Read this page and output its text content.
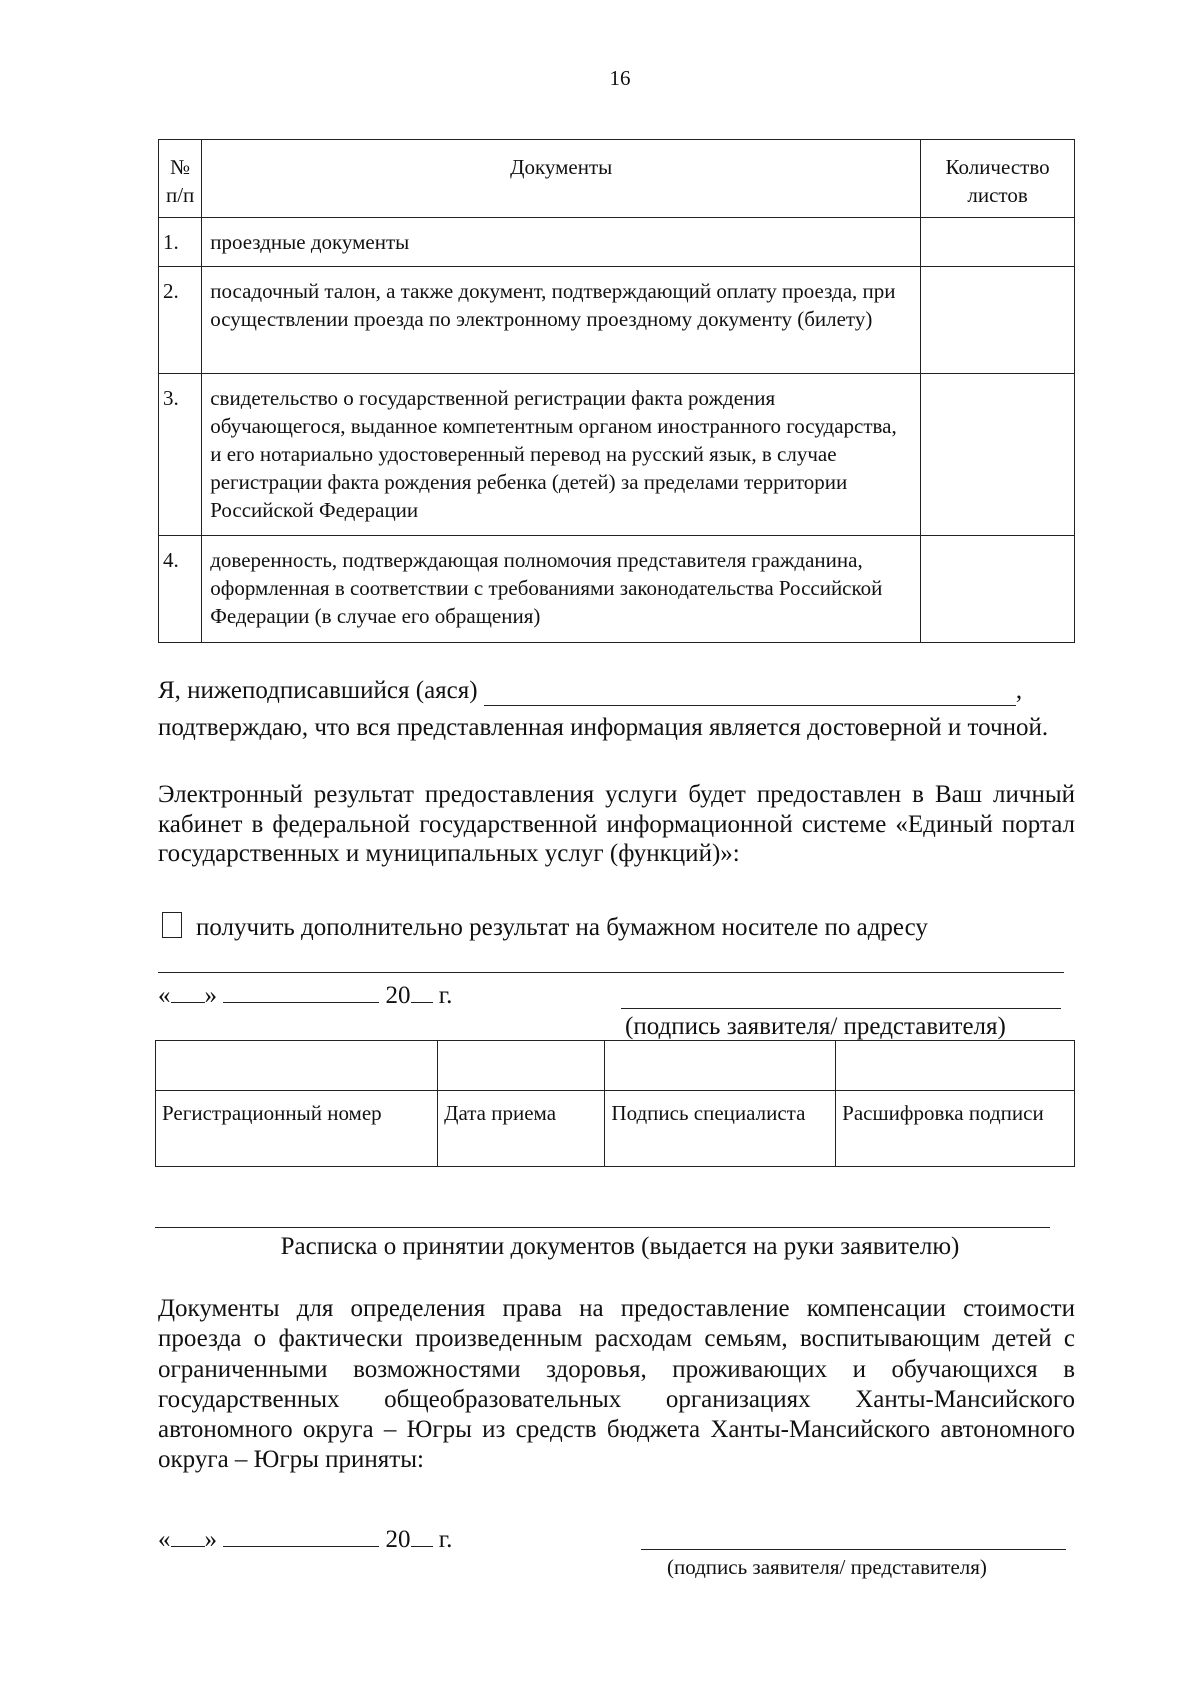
16
№ п/п	Документы	Количество листов
1.	проездные документы	
2.	посадочный талон, а также документ, подтверждающий оплату проезда, при осуществлении проезда по электронному проездному документу (билету)	
3.	свидетельство о государственной регистрации факта рождения обучающегося, выданное компетентным органом иностранного государства, и его нотариально удостоверенный перевод на русский язык, в случае регистрации факта рождения ребенка (детей) за пределами территории Российской Федерации	
4.	доверенность, подтверждающая полномочия представителя гражданина, оформленная в соответствии с требованиями законодательства Российской Федерации (в случае его обращения)	
Я, нижеподписавшийся (аяся)	,
подтверждаю, что вся представленная информация является достоверной и точной.
Электронный результат предоставления услуги будет предоставлен в Ваш личный кабинет в федеральной государственной информационной системе «Единый портал государственных и муниципальных услуг (функций)»:
получить дополнительно результат на бумажном носителе по адресу
« »	20 г.
(подпись заявителя/ представителя)

Регистрационный номер	Дата приема	Подпись специалиста	Расшифровка подписи
Расписка о принятии документов (выдается на руки заявителю)
Документы для определения права на предоставление компенсации стоимости проезда о фактически произведенным расходам семьям, воспитывающим детей с ограниченными возможностями здоровья, проживающих и обучающихся в государственных общеобразовательных организациях Ханты-Мансийского автономного округа – Югры из средств бюджета Ханты-Мансийского автономного округа – Югры приняты:
« »	20 г.
(подпись заявителя/ представителя)
